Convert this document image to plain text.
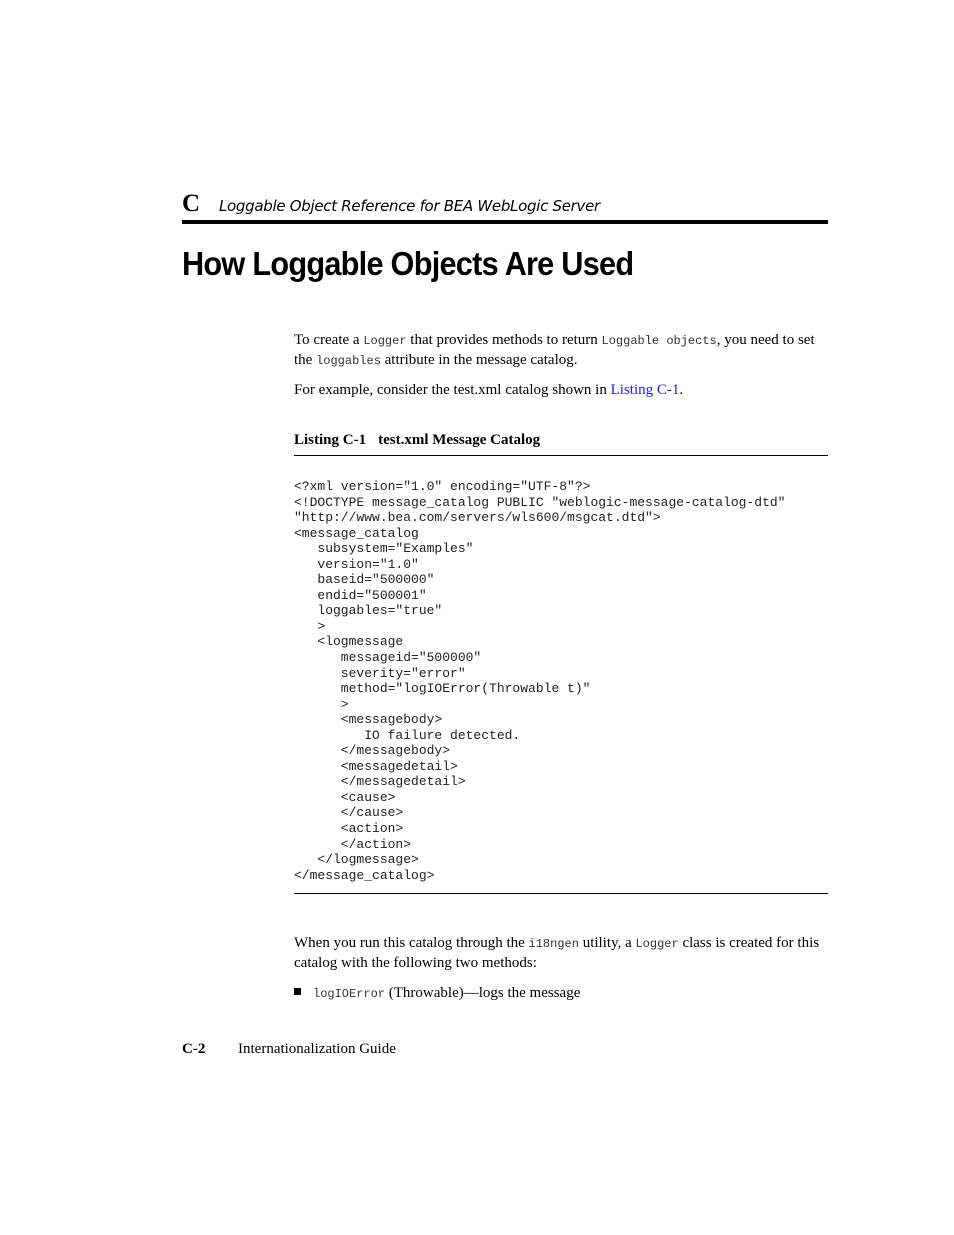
C Loggable Object Reference for BEA WebLogic Server
How Loggable Objects Are Used

To create a Logger that provides methods to return Loggable objects, you need to set the loggables attribute in the message catalog.

For example, consider the test.xml catalog shown in Listing C-1.

Listing C-1 test.xml Message Catalog
<?xml version="1.0" encoding="UTF-8"?>
<!DOCTYPE message_catalog PUBLIC "weblogic-message-catalog-dtd"
"http://www.bea.com/servers/wls600/msgcat.dtd">
<message_catalog
subsystem="Examples"
version="1.0"
baseid="500000"
endid="500001"
loggables="true"
>
<logmessage
messageid="500000"
severity="error"
method="logIOError(Throwable t)"
>
<messagebody>
IO failure detected.
</messagebody>
<messagedetail>
</messagedetail>
<cause>
</cause>
<action>
</action>
</logmessage>
</message_catalog>

When you run this catalog through the i18ngen utility, a Logger class is created for this catalog with the following two methods:

logIOError (Throwable)—logs the message
C-2 Internationalization Guide
